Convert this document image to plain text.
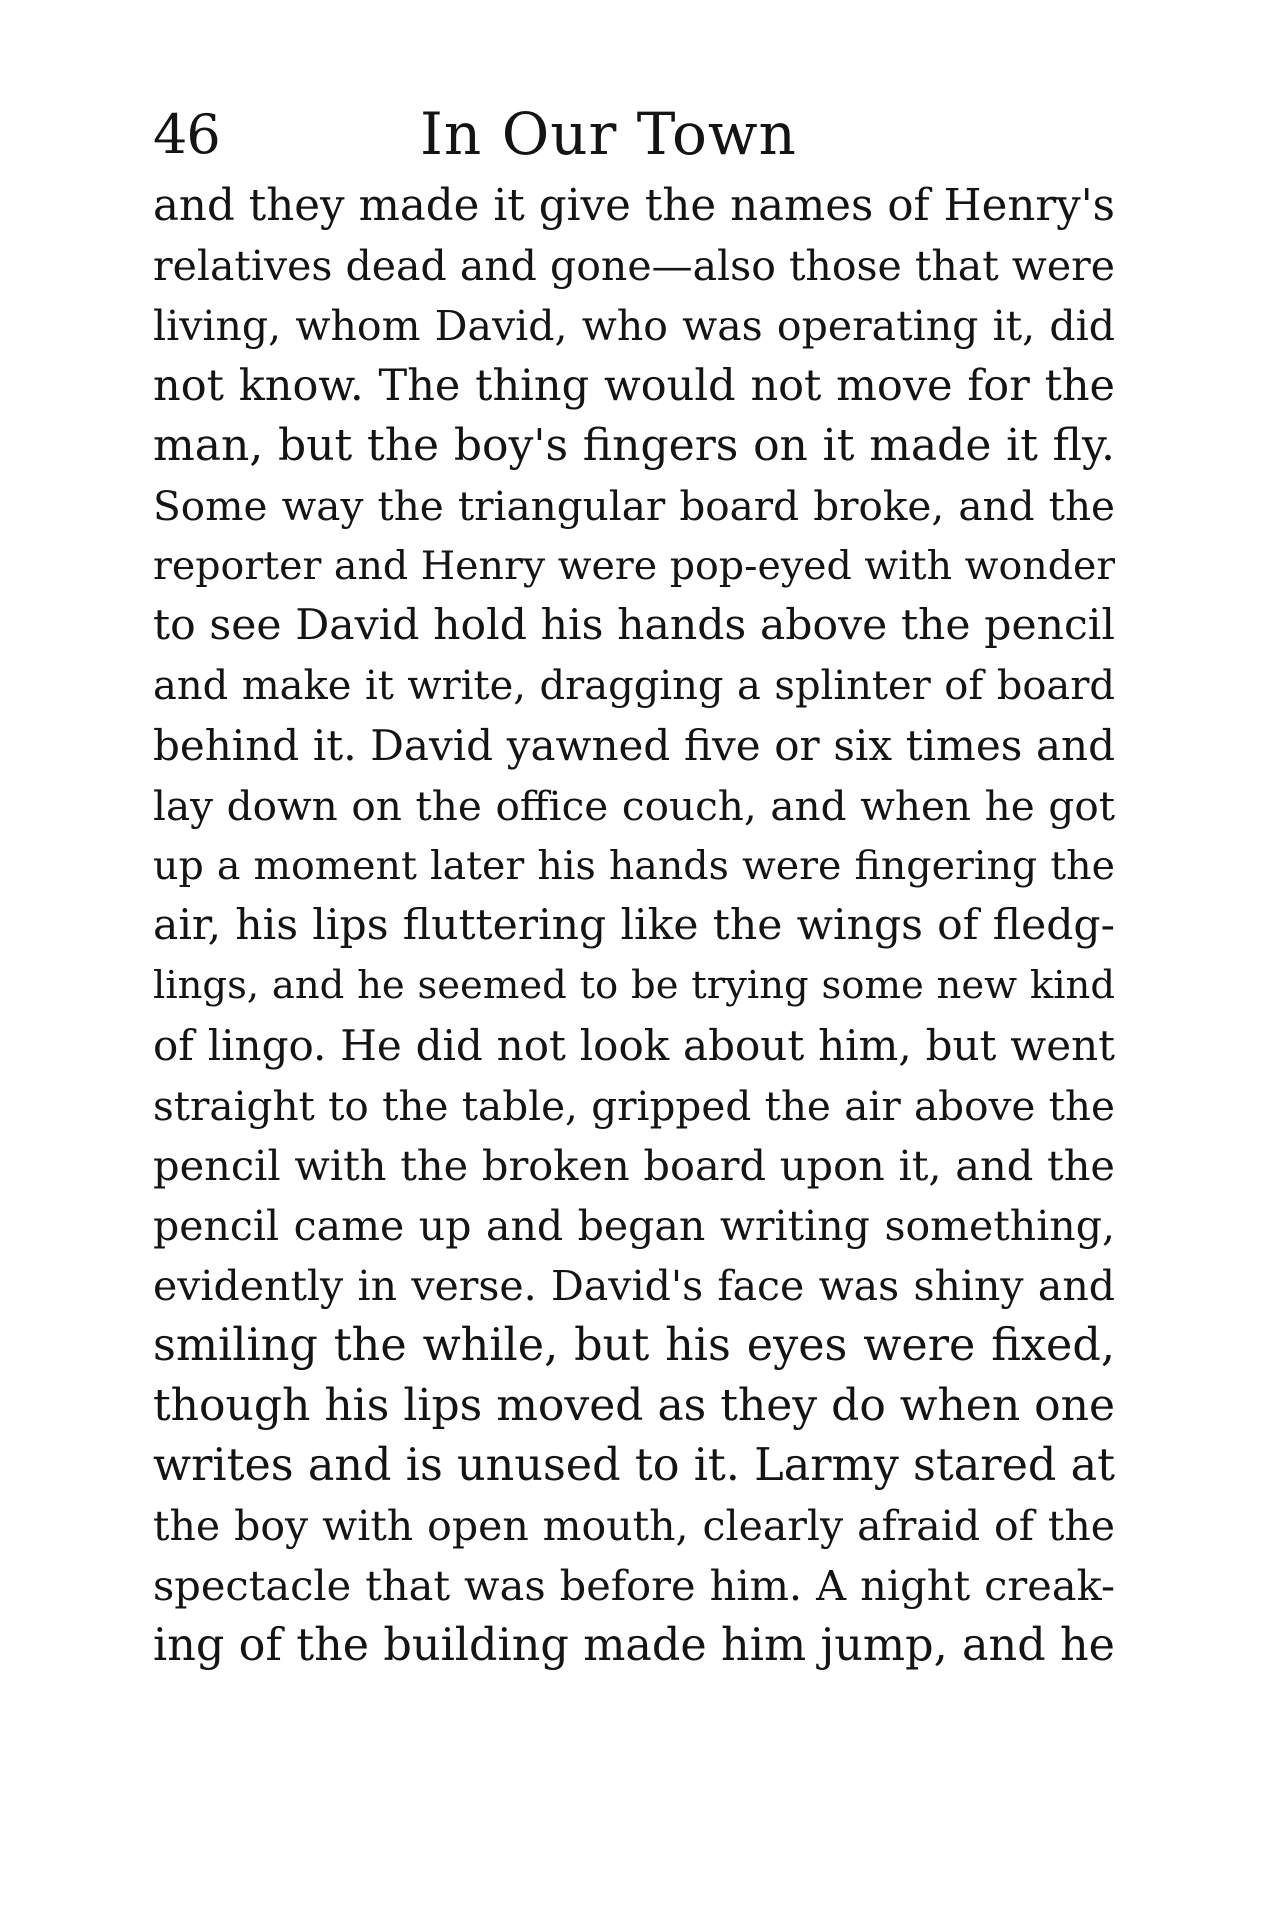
46	In Our Town
and they made it give the names of Henry's
relatives dead and gone—also those that were
living, whom David, who was operating it, did
not know. The thing would not move for the
man, but the boy's fingers on it made it fly.
Some way the triangular board broke, and the
reporter and Henry were pop-eyed with wonder
to see David hold his hands above the pencil
and make it write, dragging a splinter of board
behind it. David yawned five or six times and
lay down on the office couch, and when he got
up a moment later his hands were fingering the
air, his lips fluttering like the wings of fledg-
lings, and he seemed to be trying some new kind
of lingo. He did not look about him, but went
straight to the table, gripped the air above the
pencil with the broken board upon it, and the
pencil came up and began writing something,
evidently in verse. David's face was shiny and
smiling the while, but his eyes were fixed,
though his lips moved as they do when one
writes and is unused to it. Larmy stared at
the boy with open mouth, clearly afraid of the
spectacle that was before him. A night creak-
ing of the building made him jump, and he
